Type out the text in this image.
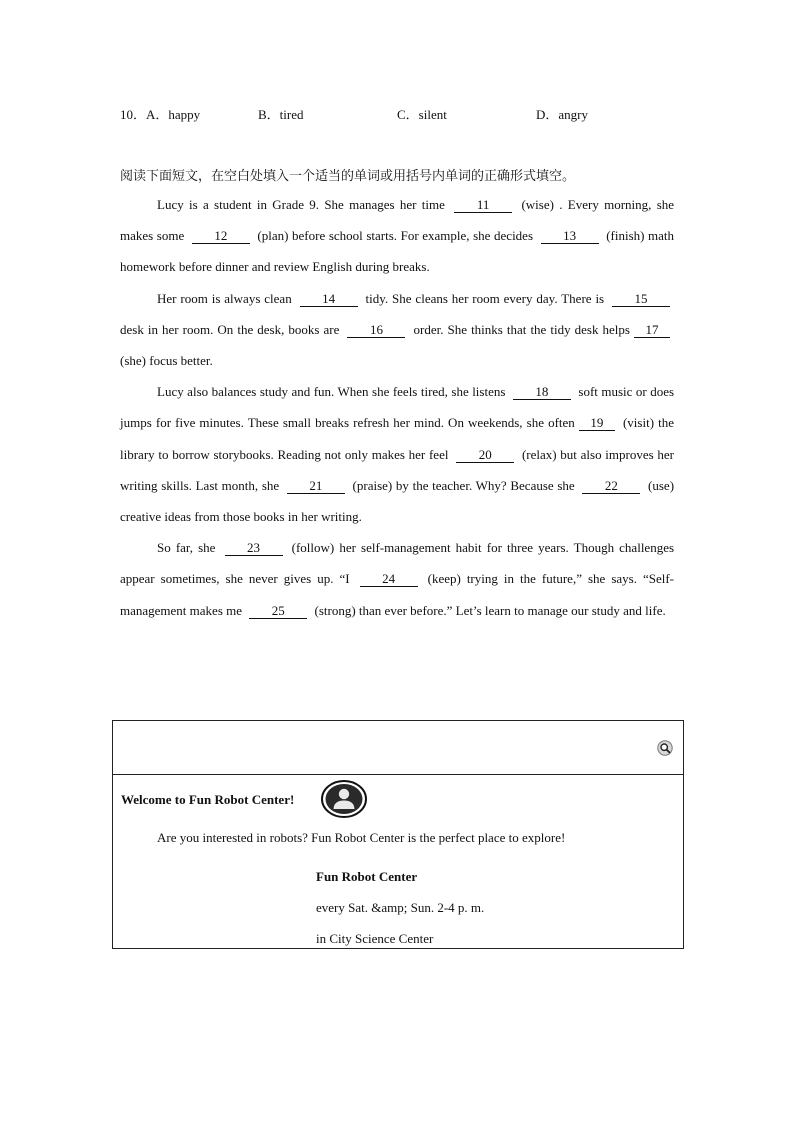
10．A．happy	B．tired	C．silent	D．angry
阅读下面短文，在空白处填入一个适当的单词或用括号内单词的正确形式填空。

Lucy is a student in Grade 9. She manages her time 11 (wise) . Every morning, she makes some 12 (plan) before school starts. For example, she decides 13 (finish) math homework before dinner and review English during breaks.

Her room is always clean 14 tidy. She cleans her room every day. There is 15 desk in her room. On the desk, books are 16 order. She thinks that the tidy desk helps 17 (she) focus better.

Lucy also balances study and fun. When she feels tired, she listens 18 soft music or does jumps for five minutes. These small breaks refresh her mind. On weekends, she often 19 (visit) the library to borrow storybooks. Reading not only makes her feel 20 (relax) but also improves her writing skills. Last month, she 21 (praise) by the teacher. Why? Because she 22 (use) creative ideas from those books in her writing.

So far, she 23 (follow) her self-management habit for three years. Though challenges appear sometimes, she never gives up. “I	24	(keep) trying in the future,” she says. “Self-management makes me 25 (strong) than ever before.” Let’s learn to manage our study and life.

Welcome to Fun Robot Center!
Are you interested in robots? Fun Robot Center is the perfect place to explore!
Fun Robot Center
every Sat. &amp; Sun. 2-4 p. m.
in City Science Center
